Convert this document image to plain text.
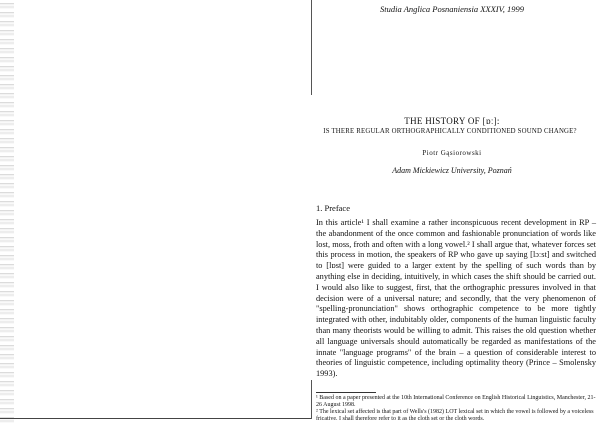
Studia Anglica Posnaniensia XXXIV, 1999
THE HISTORY OF [ɒː]:
IS THERE REGULAR ORTHOGRAPHICALLY CONDITIONED SOUND CHANGE?
Piotr Gąsiorowski
Adam Mickiewicz University, Poznań
1. Preface

In this article¹ I shall examine a rather inconspicuous recent development in RP – the abandonment of the once common and fashionable pronunciation of words like lost, moss, froth and often with a long vowel.² I shall argue that, whatever forces set this process in motion, the speakers of RP who gave up saying [lɔːst] and switched to [lɒst] were guided to a larger extent by the spelling of such words than by anything else in deciding, intuitively, in which cases the shift should be carried out. I would also like to suggest, first, that the orthographic pressures involved in that decision were of a universal nature; and secondly, that the very phenomenon of "spelling-pronunciation" shows orthographic competence to be more tightly integrated with other, indubitably older, components of the human linguistic faculty than many theorists would be willing to admit. This raises the old question whether all language universals should automatically be regarded as manifestations of the innate "language programs" of the brain – a question of considerable interest to theories of linguistic competence, including optimality theory (Prince – Smolensky 1993).

¹ Based on a paper presented at the 10th International Conference on English Historical Linguistics, Manchester, 21-26 August 1998.
² The lexical set affected is that part of Wells's (1982) LOT lexical set in which the vowel is followed by a voiceless fricative. I shall therefore refer to it as the cloth set or the cloth words.
